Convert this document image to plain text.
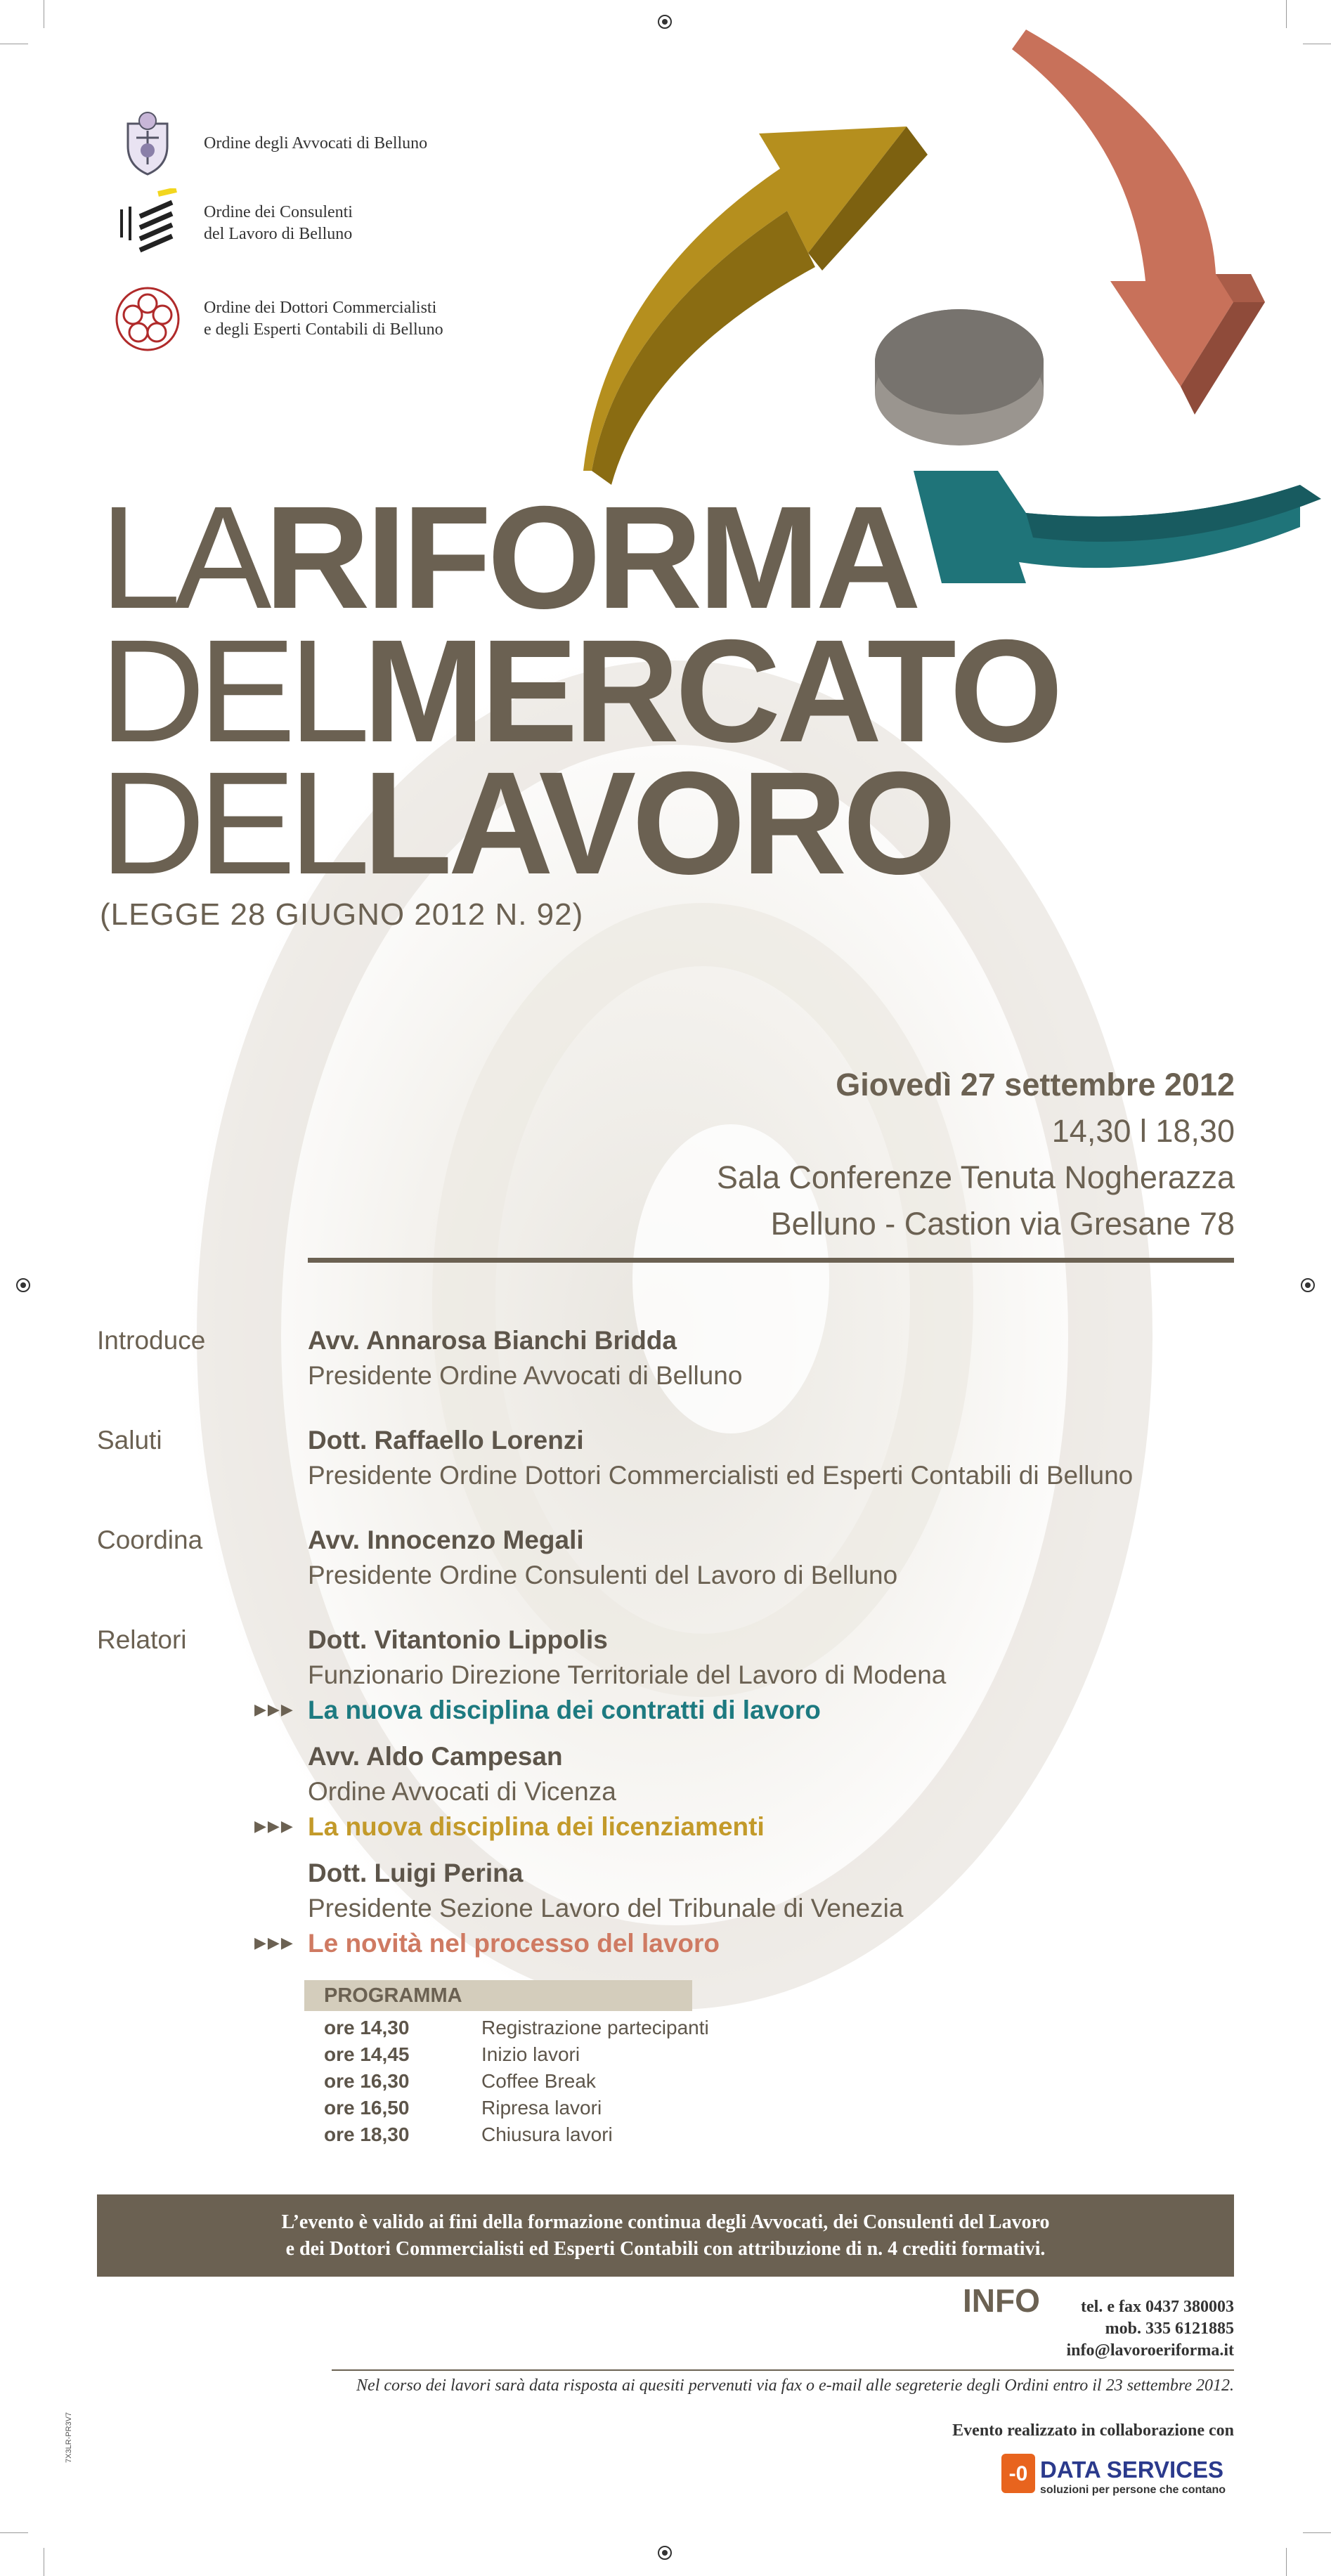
Ordine degli Avvocati di Belluno
Ordine dei Consulenti
del Lavoro di Belluno
Ordine dei Dottori Commercialisti
e degli Esperti Contabili di Belluno
LARIFORMA
DELMERCATO
DELLAVORO
(LEGGE 28 GIUGNO 2012 N. 92)
Giovedì 27 settembre 2012
14,30 l 18,30
Sala Conferenze Tenuta Nogherazza
Belluno - Castion via Gresane 78
Introduce	Avv. Annarosa Bianchi Bridda
Presidente Ordine Avvocati di Belluno
Saluti	Dott. Raffaello Lorenzi
Presidente Ordine Dottori Commercialisti ed Esperti Contabili di Belluno
Coordina	Avv. Innocenzo Megali
Presidente Ordine Consulenti del Lavoro di Belluno
Relatori	Dott. Vitantonio Lippolis
Funzionario Direzione Territoriale del Lavoro di Modena
▶▶▶ La nuova disciplina dei contratti di lavoro
Avv. Aldo Campesan
Ordine Avvocati di Vicenza
▶▶▶ La nuova disciplina dei licenziamenti
Dott. Luigi Perina
Presidente Sezione Lavoro del Tribunale di Venezia
▶▶▶ Le novità nel processo del lavoro
PROGRAMMA
ore 14,30	Registrazione partecipanti
ore 14,45	Inizio lavori
ore 16,30	Coffee Break
ore 16,50	Ripresa lavori
ore 18,30	Chiusura lavori
L’evento è valido ai fini della formazione continua degli Avvocati, dei Consulenti del Lavoro
e dei Dottori Commercialisti ed Esperti Contabili con attribuzione di n. 4 crediti formativi.
INFO	tel. e fax 0437 380003
mob. 335 6121885
info@lavoroeriforma.it
Nel corso dei lavori sarà data risposta ai quesiti pervenuti via fax o e-mail alle segreterie degli Ordini entro il 23 settembre 2012.
Evento realizzato in collaborazione con
-0 DATA SERVICES
soluzioni per persone che contano
7X3LR-PR3V7
